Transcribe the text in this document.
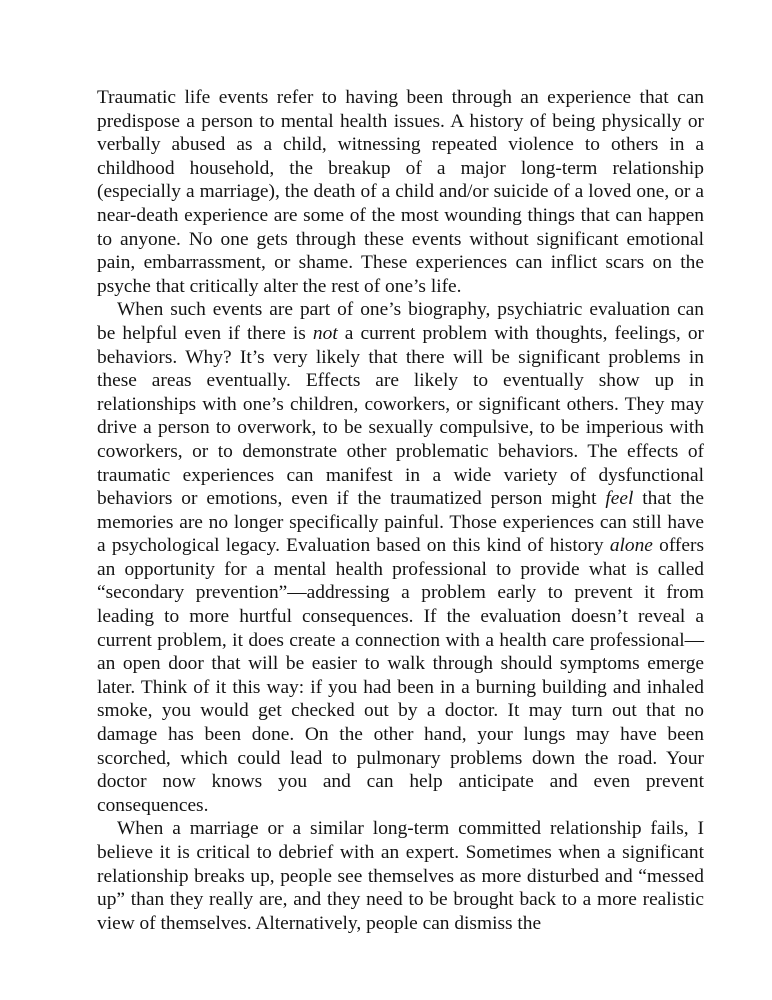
Traumatic life events refer to having been through an experience that can predispose a person to mental health issues. A history of being physically or verbally abused as a child, witnessing repeated violence to others in a childhood household, the breakup of a major long-term relationship (especially a marriage), the death of a child and/or suicide of a loved one, or a near-death experience are some of the most wounding things that can happen to anyone. No one gets through these events without significant emotional pain, embarrassment, or shame. These experiences can inflict scars on the psyche that critically alter the rest of one’s life.

When such events are part of one’s biography, psychiatric evaluation can be helpful even if there is not a current problem with thoughts, feelings, or behaviors. Why? It’s very likely that there will be significant problems in these areas eventually. Effects are likely to eventually show up in relationships with one’s children, coworkers, or significant others. They may drive a person to overwork, to be sexually compulsive, to be imperious with coworkers, or to demonstrate other problematic behaviors. The effects of traumatic experiences can manifest in a wide variety of dysfunctional behaviors or emotions, even if the traumatized person might feel that the memories are no longer specifically painful. Those experiences can still have a psychological legacy. Evaluation based on this kind of history alone offers an opportunity for a mental health professional to provide what is called “secondary prevention”—addressing a problem early to prevent it from leading to more hurtful consequences. If the evaluation doesn’t reveal a current problem, it does create a connection with a health care professional—an open door that will be easier to walk through should symptoms emerge later. Think of it this way: if you had been in a burning building and inhaled smoke, you would get checked out by a doctor. It may turn out that no damage has been done. On the other hand, your lungs may have been scorched, which could lead to pulmonary problems down the road. Your doctor now knows you and can help anticipate and even prevent consequences.

When a marriage or a similar long-term committed relationship fails, I believe it is critical to debrief with an expert. Sometimes when a significant relationship breaks up, people see themselves as more disturbed and “messed up” than they really are, and they need to be brought back to a more realistic view of themselves. Alternatively, people can dismiss the
